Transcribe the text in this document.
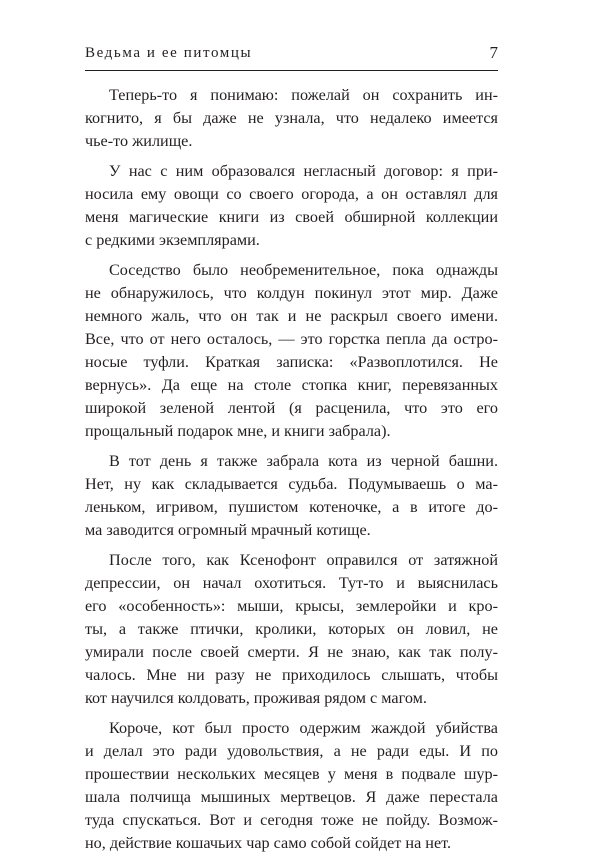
Ведьма и ее питомцы	7
Теперь-то я понимаю: пожелай он сохранить ин-
когнито, я бы даже не узнала, что недалеко имеется
чье-то жилище.
У нас с ним образовался негласный договор: я при-
носила ему овощи со своего огорода, а он оставлял для
меня магические книги из своей обширной коллекции
с редкими экземплярами.
Соседство было необременительное, пока однажды
не обнаружилось, что колдун покинул этот мир. Даже
немного жаль, что он так и не раскрыл своего имени.
Все, что от него осталось, — это горстка пепла да остро-
носые туфли. Краткая записка: «Развоплотился. Не
вернусь». Да еще на столе стопка книг, перевязанных
широкой зеленой лентой (я расценила, что это его
прощальный подарок мне, и книги забрала).
В тот день я также забрала кота из черной башни.
Нет, ну как складывается судьба. Подумываешь о ма-
леньком, игривом, пушистом котеночке, а в итоге до-
ма заводится огромный мрачный котище.
После того, как Ксенофонт оправился от затяжной
депрессии, он начал охотиться. Тут-то и выяснилась
его «особенность»: мыши, крысы, землеройки и кро-
ты, а также птички, кролики, которых он ловил, не
умирали после своей смерти. Я не знаю, как так полу-
чалось. Мне ни разу не приходилось слышать, чтобы
кот научился колдовать, проживая рядом с магом.
Короче, кот был просто одержим жаждой убийства
и делал это ради удовольствия, а не ради еды. И по
прошествии нескольких месяцев у меня в подвале шур-
шала полчища мышиных мертвецов. Я даже перестала
туда спускаться. Вот и сегодня тоже не пойду. Возмож-
но, действие кошачьих чар само собой сойдет на нет.
